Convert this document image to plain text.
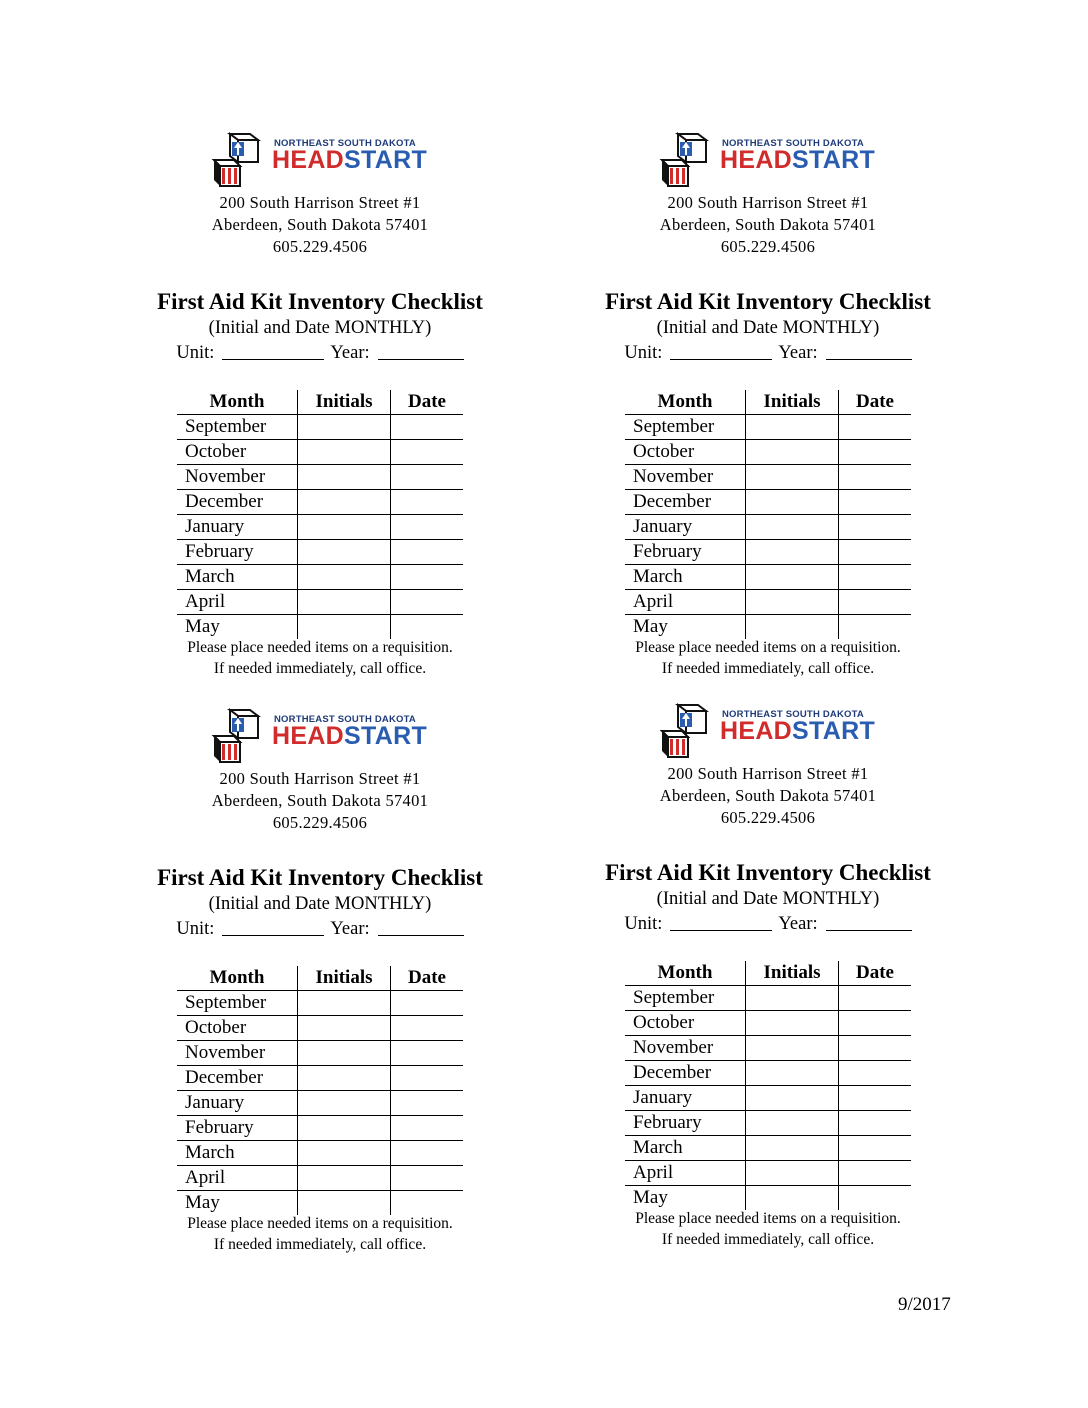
NORTHEAST SOUTH DAKOTA
HEADSTART
200 South Harrison Street #1
Aberdeen, South Dakota 57401
605.229.4506
First Aid Kit Inventory Checklist
(Initial and Date MONTHLY)
Unit:	Year:
Month	Initials	Date
September		
October		
November		
December		
January		
February		
March		
April		
May		
Please place needed items on a requisition.
If needed immediately, call office.
NORTHEAST SOUTH DAKOTA
HEADSTART
200 South Harrison Street #1
Aberdeen, South Dakota 57401
605.229.4506
First Aid Kit Inventory Checklist
(Initial and Date MONTHLY)
Unit:	Year:
Month	Initials	Date
September		
October		
November		
December		
January		
February		
March		
April		
May		
Please place needed items on a requisition.
If needed immediately, call office.
NORTHEAST SOUTH DAKOTA
HEADSTART
200 South Harrison Street #1
Aberdeen, South Dakota 57401
605.229.4506
First Aid Kit Inventory Checklist
(Initial and Date MONTHLY)
Unit:	Year:
Month	Initials	Date
September		
October		
November		
December		
January		
February		
March		
April		
May		
Please place needed items on a requisition.
If needed immediately, call office.
NORTHEAST SOUTH DAKOTA
HEADSTART
200 South Harrison Street #1
Aberdeen, South Dakota 57401
605.229.4506
First Aid Kit Inventory Checklist
(Initial and Date MONTHLY)
Unit:	Year:
Month	Initials	Date
September		
October		
November		
December		
January		
February		
March		
April		
May		
Please place needed items on a requisition.
If needed immediately, call office.
9/2017
